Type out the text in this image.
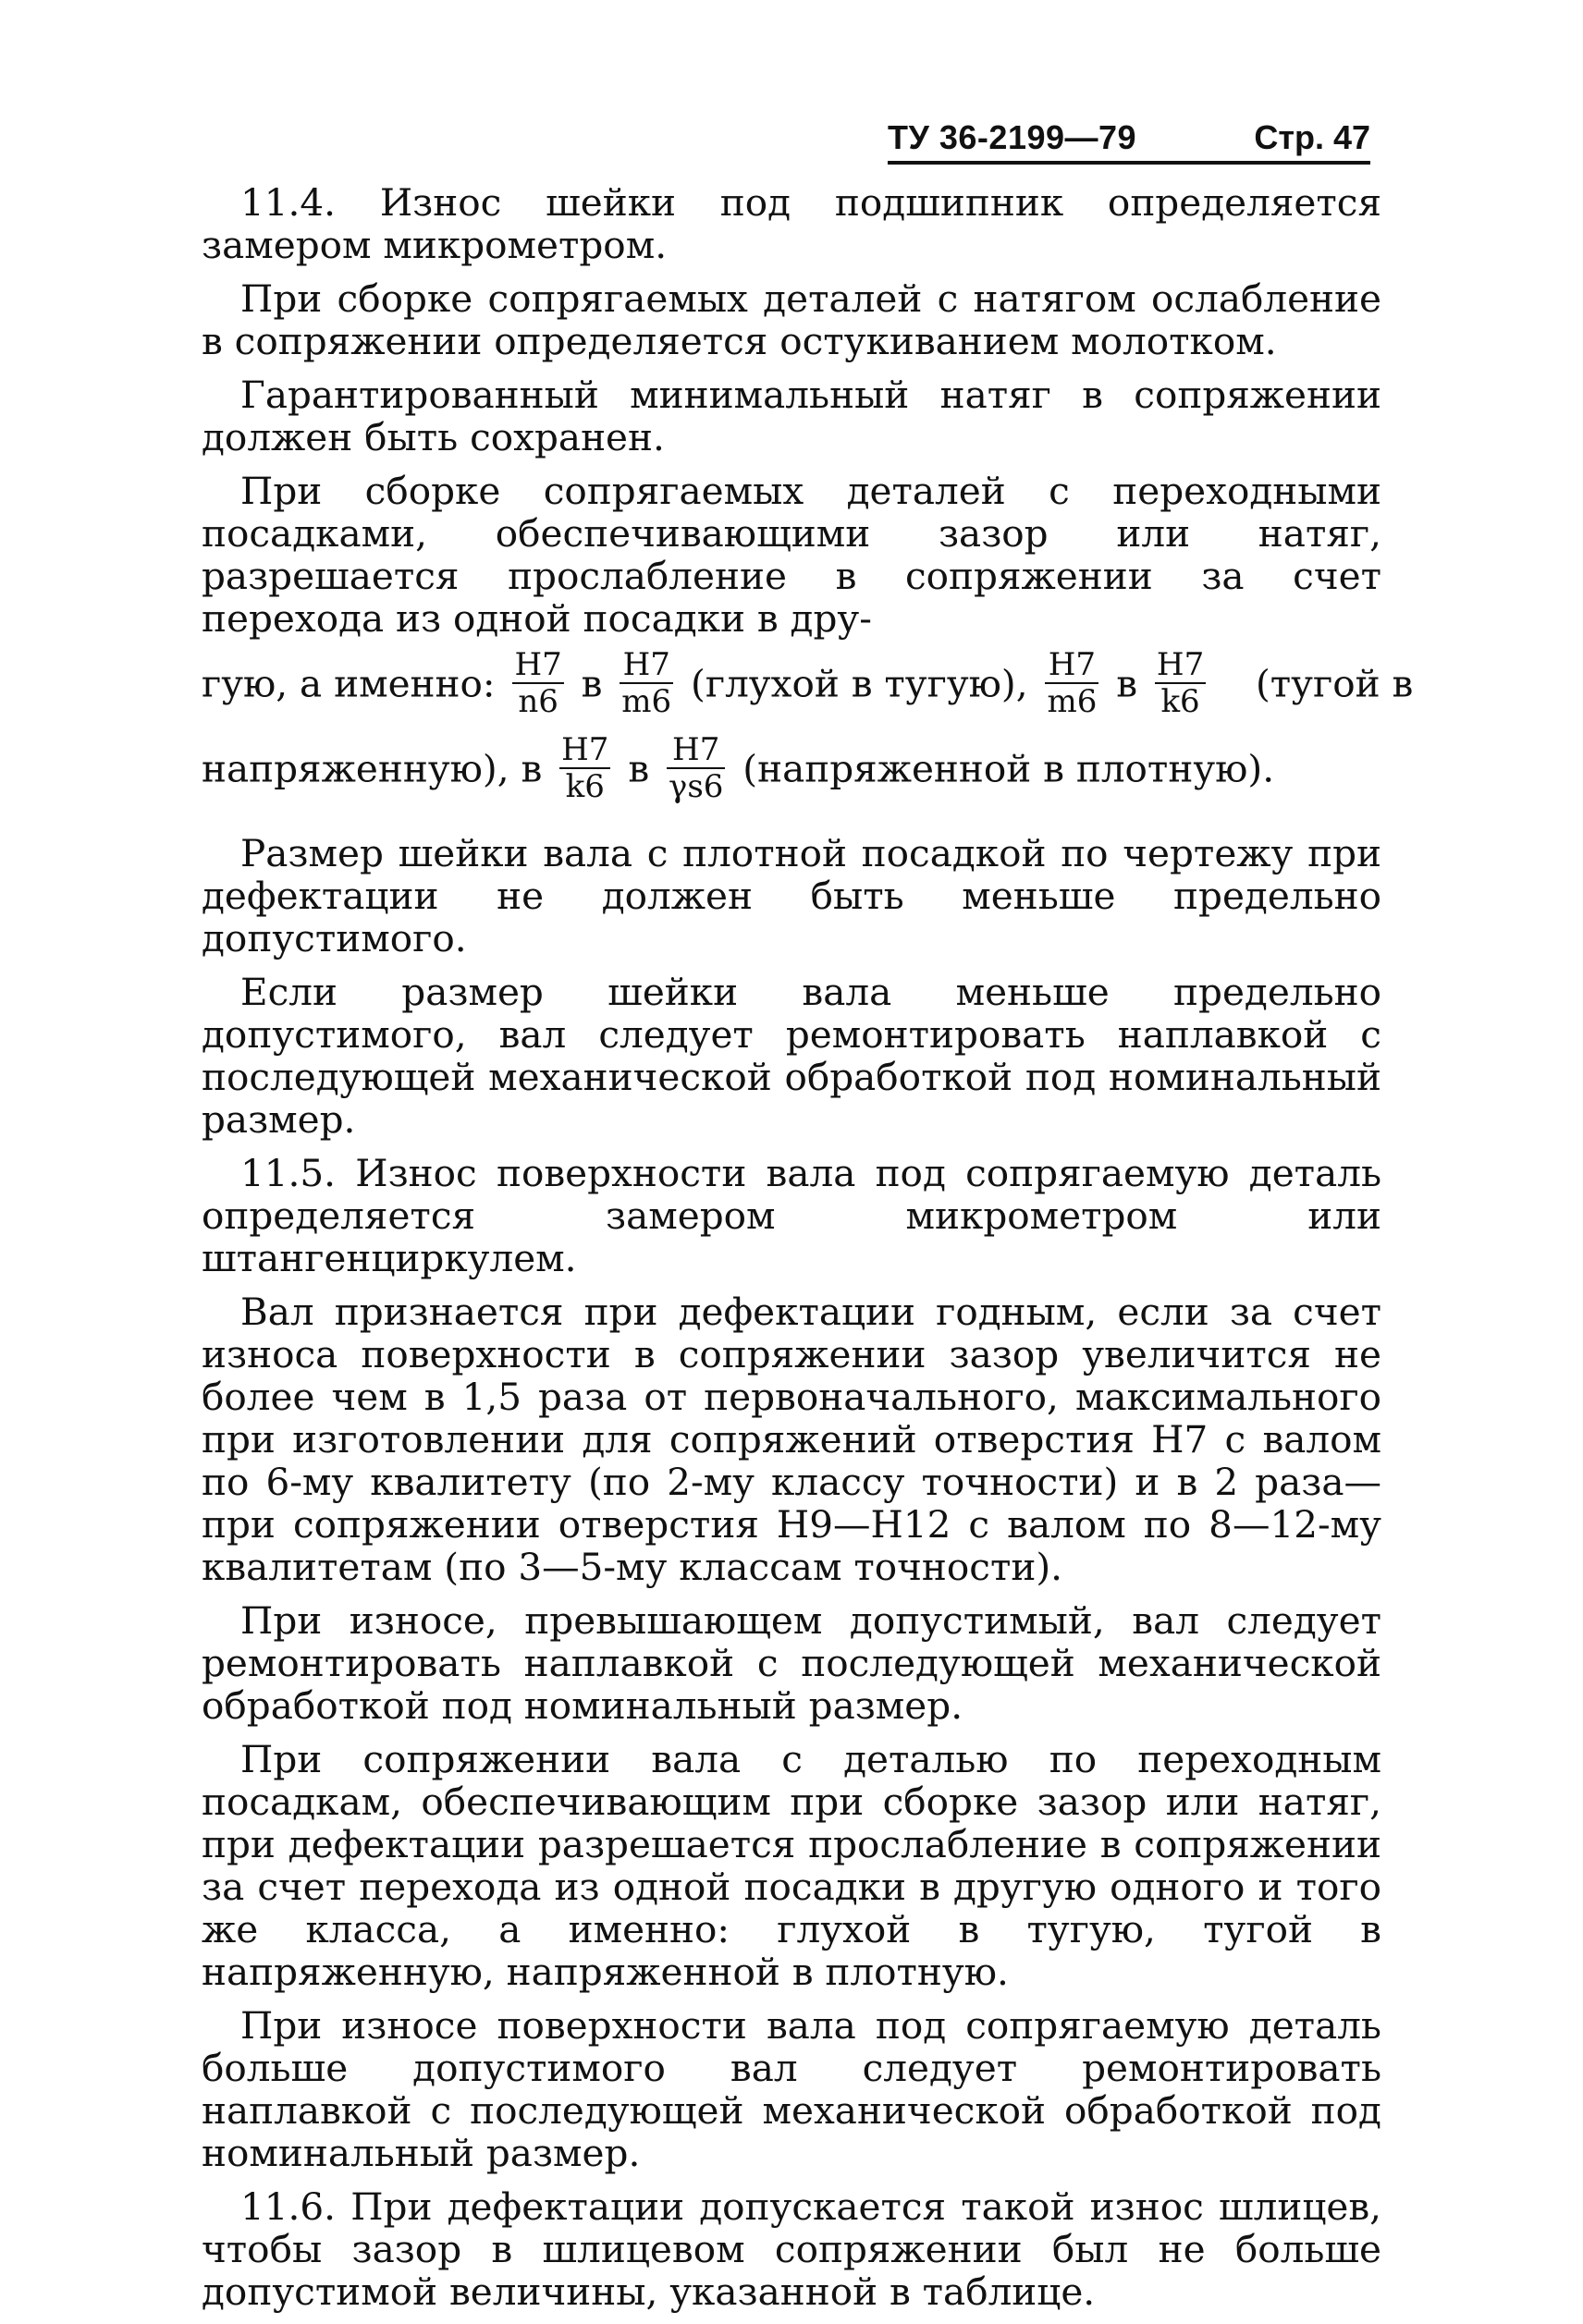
ТУ 36-2199—79	Стр. 47

11.4. Износ шейки под подшипник определяется замером микрометром.

При сборке сопрягаемых деталей с натягом ослабление в сопряжении определяется остукиванием молотком.

Гарантированный минимальный натяг в сопряжении должен быть сохранен.

При сборке сопрягаемых деталей с переходными посадками, обеспечивающими зазор или натяг, разрешается прослабление в сопряжении за счет перехода из одной посадки в дру-

гую, а именно: $\frac{H7}{n6}$ в $\frac{H7}{m6}$ (глухой в тугую), $\frac{H7}{m6}$ в $\frac{H7}{k6}$ (тугой в
напряженную), в $\frac{H7}{k6}$ в $\frac{H7}{\gamma s6}$ (напряженной в плотную).

Размер шейки вала с плотной посадкой по чертежу при дефектации не должен быть меньше предельно допустимого.

Если размер шейки вала меньше предельно допустимого, вал следует ремонтировать наплавкой с последующей механической обработкой под номинальный размер.

11.5. Износ поверхности вала под сопрягаемую деталь определяется замером микрометром или штангенциркулем.

Вал признается при дефектации годным, если за счет износа поверхности в сопряжении зазор увеличится не более чем в 1,5 раза от первоначального, максимального при изготовлении для сопряжений отверстия H7 с валом по 6-му квалитету (по 2-му классу точности) и в 2 раза—при сопряжении отверстия H9—H12 с валом по 8—12-му квалитетам (по 3—5-му классам точности).

При износе, превышающем допустимый, вал следует ремонтировать наплавкой с последующей механической обработкой под номинальный размер.

При сопряжении вала с деталью по переходным посадкам, обеспечивающим при сборке зазор или натяг, при дефектации разрешается прослабление в сопряжении за счет перехода из одной посадки в другую одного и того же класса, а именно: глухой в тугую, тугой в напряженную, напряженной в плотную.

При износе поверхности вала под сопрягаемую деталь больше допустимого вал следует ремонтировать наплавкой с последующей механической обработкой под номинальный размер.

11.6. При дефектации допускается такой износ шлицев, чтобы зазор в шлицевом сопряжении был не больше допустимой величины, указанной в таблице.
